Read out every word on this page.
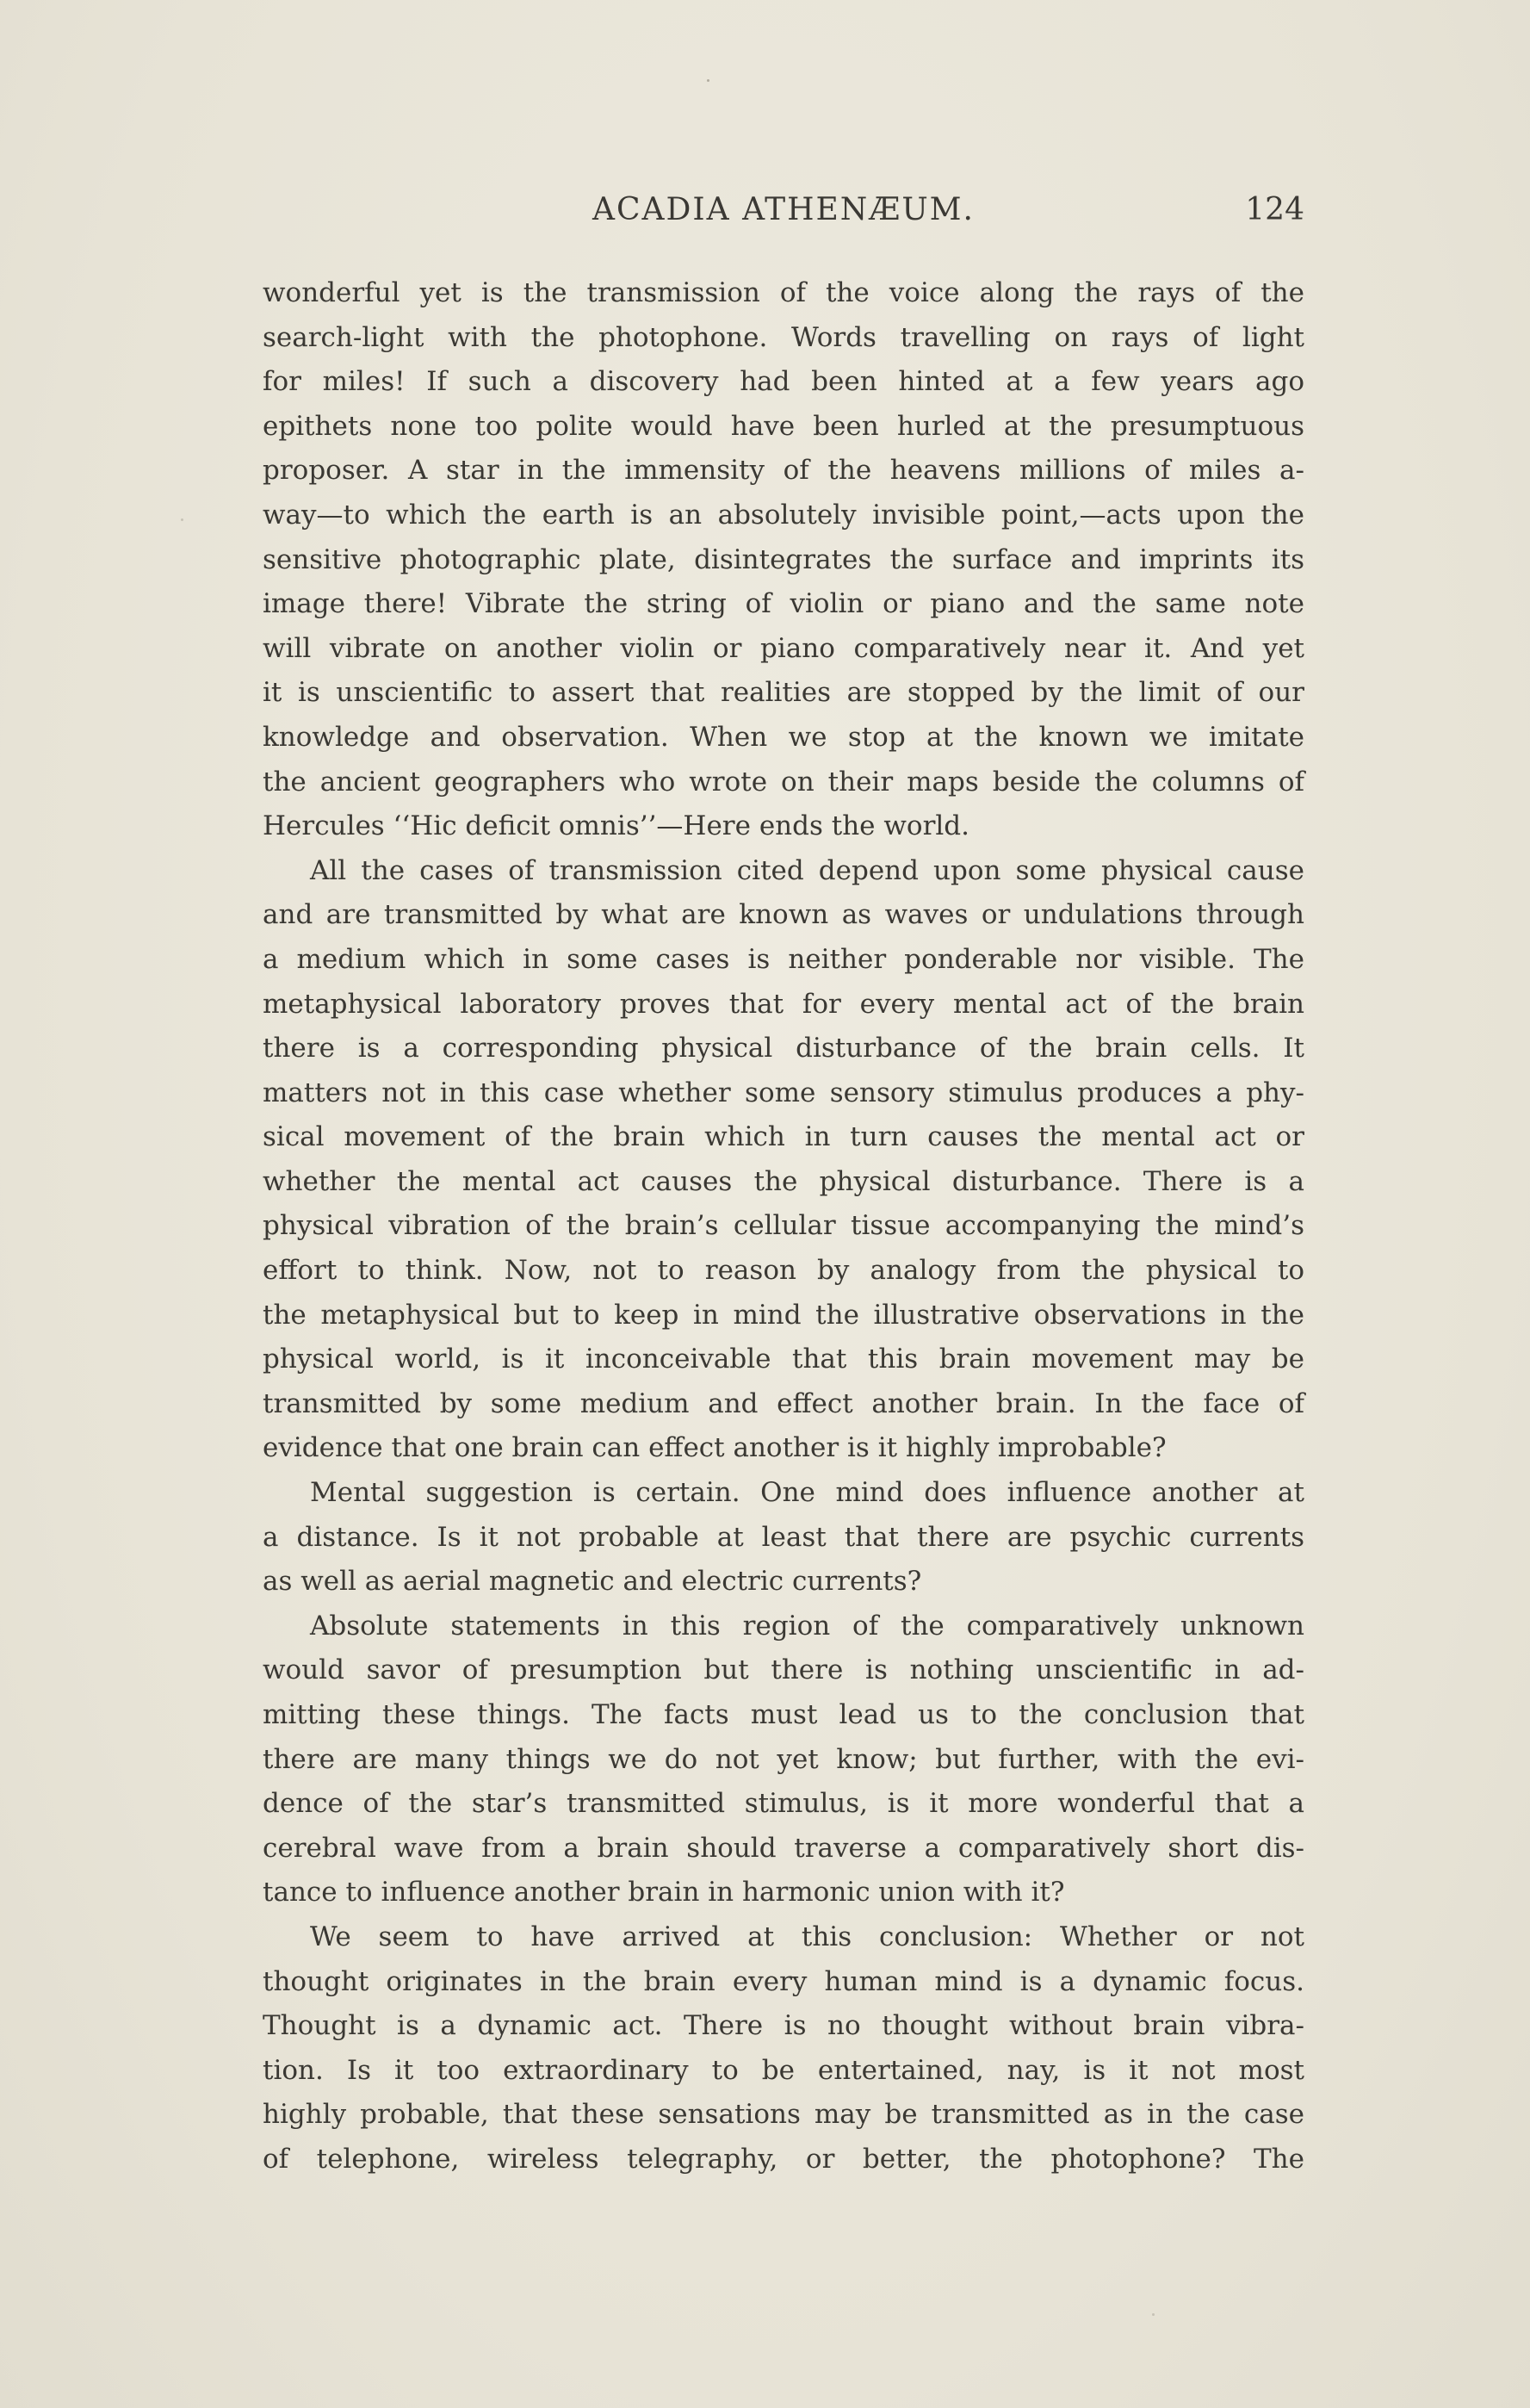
ACADIA ATHENÆUM.	124
wonderful yet is the transmission of the voice along the rays of the
search-light with the photophone. Words travelling on rays of light
for miles! If such a discovery had been hinted at a few years ago
epithets none too polite would have been hurled at the presumptuous
proposer. A star in the immensity of the heavens millions of miles a-
way—to which the earth is an absolutely invisible point,—acts upon the
sensitive photographic plate, disintegrates the surface and imprints its
image there! Vibrate the string of violin or piano and the same note
will vibrate on another violin or piano comparatively near it. And yet
it is unscientific to assert that realities are stopped by the limit of our
knowledge and observation. When we stop at the known we imitate
the ancient geographers who wrote on their maps beside the columns of
Hercules ‘‘Hic deficit omnis’’—Here ends the world.
All the cases of transmission cited depend upon some physical cause
and are transmitted by what are known as waves or undulations through
a medium which in some cases is neither ponderable nor visible. The
metaphysical laboratory proves that for every mental act of the brain
there is a corresponding physical disturbance of the brain cells. It
matters not in this case whether some sensory stimulus produces a phy-
sical movement of the brain which in turn causes the mental act or
whether the mental act causes the physical disturbance. There is a
physical vibration of the brain’s cellular tissue accompanying the mind’s
effort to think. Now, not to reason by analogy from the physical to
the metaphysical but to keep in mind the illustrative observations in the
physical world, is it inconceivable that this brain movement may be
transmitted by some medium and effect another brain. In the face of
evidence that one brain can effect another is it highly improbable?
Mental suggestion is certain. One mind does influence another at
a distance. Is it not probable at least that there are psychic currents
as well as aerial magnetic and electric currents?
Absolute statements in this region of the comparatively unknown
would savor of presumption but there is nothing unscientific in ad-
mitting these things. The facts must lead us to the conclusion that
there are many things we do not yet know; but further, with the evi-
dence of the star’s transmitted stimulus, is it more wonderful that a
cerebral wave from a brain should traverse a comparatively short dis-
tance to influence another brain in harmonic union with it?
We seem to have arrived at this conclusion: Whether or not
thought originates in the brain every human mind is a dynamic focus.
Thought is a dynamic act. There is no thought without brain vibra-
tion. Is it too extraordinary to be entertained, nay, is it not most
highly probable, that these sensations may be transmitted as in the case
of telephone, wireless telegraphy, or better, the photophone? The
